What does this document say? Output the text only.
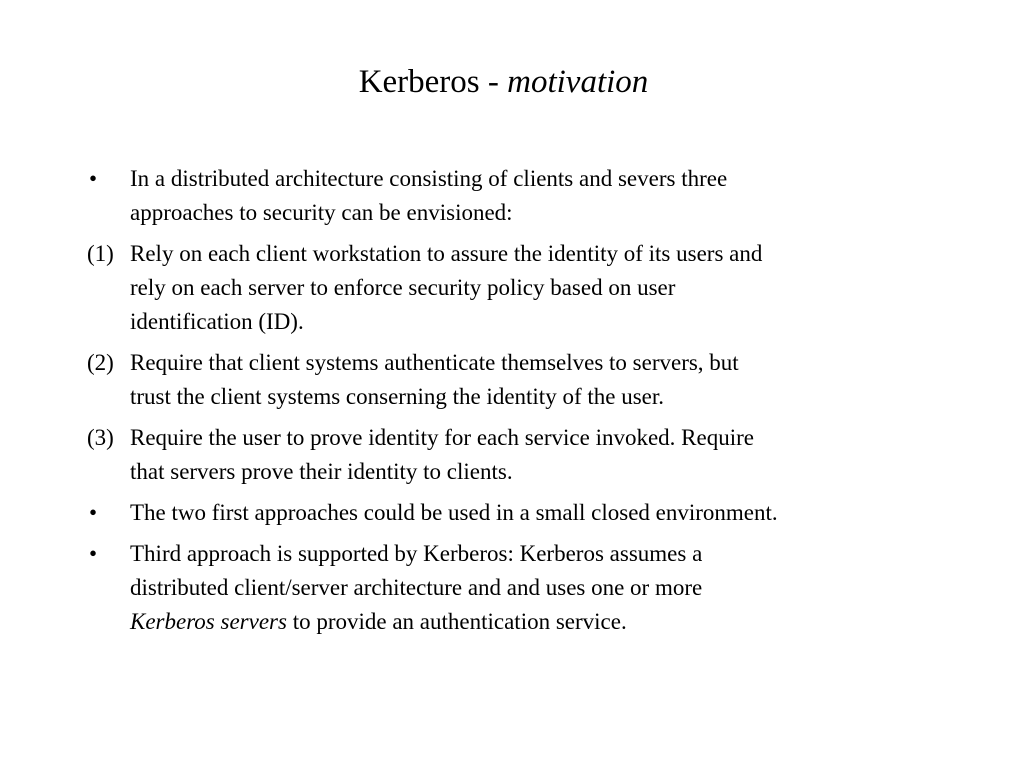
Kerberos - motivation
• In a distributed architecture consisting of clients and severs three
approaches to security can be envisioned:
(1) Rely on each client workstation to assure the identity of its users and
rely on each server to enforce security policy based on user
identification (ID).
(2) Require that client systems authenticate themselves to servers, but
trust the client systems conserning the identity of the user.
(3) Require the user to prove identity for each service invoked. Require
that servers prove their identity to clients.
• The two first approaches could be used in a small closed environment.
• Third approach is supported by Kerberos: Kerberos assumes a
distributed client/server architecture and and uses one or more
Kerberos servers to provide an authentication service.
